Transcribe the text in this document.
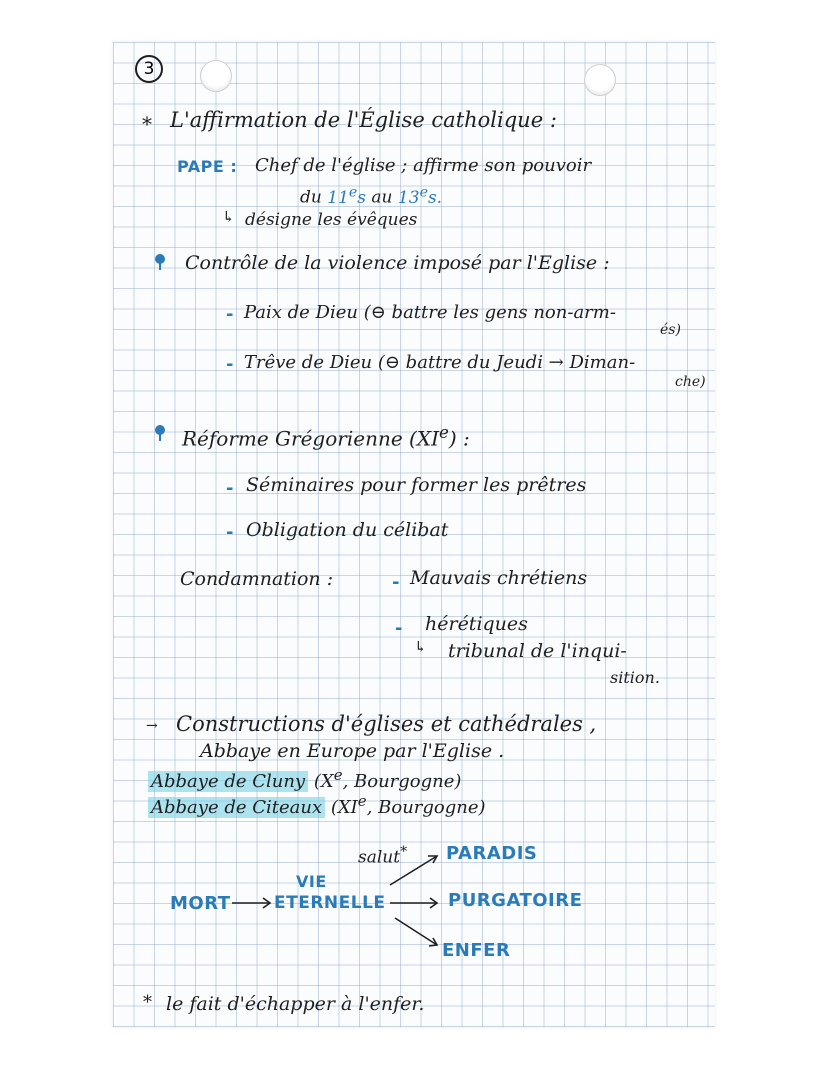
3
* L'affirmation de l'Église catholique :
PAPE : Chef de l'église ; affirme son pouvoir
du 11es au 13es.
↳ désigne les évêques
Contrôle de la violence imposé par l'Eglise :
- Paix de Dieu (⊖ battre les gens non-arm-
és)
- Trêve de Dieu (⊖ battre du Jeudi → Diman-
che)
Réforme Grégorienne (XIe) :
- Séminaires pour former les prêtres
- Obligation du célibat
Condamnation :	- Mauvais chrétiens
- hérétiques
↳ tribunal de l'inqui-
sition.
→ Constructions d'églises et cathédrales ,
Abbaye en Europe par l'Eglise .
Abbaye de Cluny (Xe, Bourgogne)
Abbaye de Citeaux (XIe, Bourgogne)
salut* PARADIS
VIE
MORT	ETERNELLE	PURGATOIRE
ENFER
* le fait d'échapper à l'enfer.
